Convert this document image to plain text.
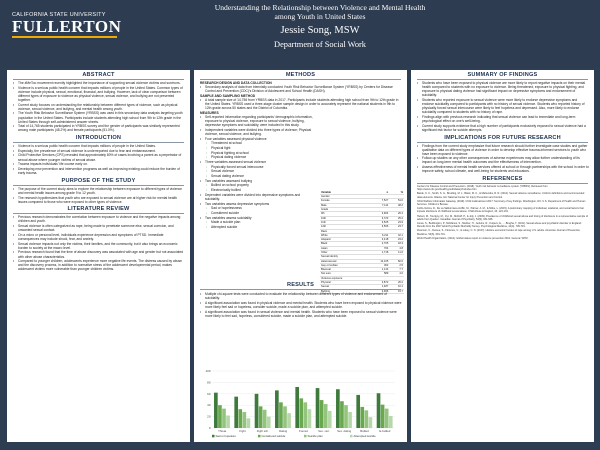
CALIFORNIA STATE UNIVERSITY
FULLERTON
Understanding the Relationship between Violence and Mental Health
among Youth in United States
Jessie Song, MSW
Department of Social Work
ABSTRACT
• The #MeToo movement recently highlighted the importance of supporting sexual violence victims and survivors.
• Violence is a serious public health concern that impacts millions of people in the United States. Common types of violence include physical, sexual, emotional, financial, and bullying. However, lack of clear comparison between different types of exposure to violence as physical violence, sexual violence, and bullying are not presented together.
• Current study focuses on understanding the relationship between different types of violence, such as physical violence, sexual violence, and bullying, and mental health among youth.
• The Youth Risk Behavior Surveillance System (YRBSS) was used in this secondary data analysis targeting youth population in the United States. Participants include students attending high school from 9th to 12th grade in the United States through self-administered answer sheets.
• Total of 14,765 students participated in YRBSS survey and the gender of participants was similarly represented among male participants (48.2%) and female participants (51.0%).
INTRODUCTION
• Violence is a serious public health concern that impacts millions of people in the United States.
• Especially, the prevalence of sexual violence is underreported due to fear and embarrassment.
• Child Protective Services (CPS) revealed that approximately 80% of cases involving a parent as a perpetrator of sexual abuse where younger victims of sexual abuse.
• Trauma impacts individuals' life course early on.
• Developing new prevention and intervention programs as well as improving existing could reduce the burden of early trauma.
PURPOSE OF THE STUDY
• The purpose of the current study aims to explore the relationship between exposure to different types of violence and mental health issues among grade 9 to 12 youth.
• The research hypothesizes that youth who are exposed to sexual violence are at higher risk for mental health issues compared to those who were exposed to other types of violence.
LITERATURE REVIEW
• Previous research demonstrates the correlation between exposure to violence and the negative impacts among children and youth.
• Sexual violence is often categorized as rape, being made to penetrate someone else, sexual coercion, and unwanted sexual contact.
• On a micro or personal level, individuals experience depression and symptoms of PTSD. Immediate consequences may include shock, fear, and anxiety.
• Sexual violence impacts not only the victims, their families, and the community, but it also brings an economic burden to society at the macro level.
• Previous research found that the time of abuse discovery was associated with age and gender but not associated with other abuse characteristics.
• Compared to younger children, adolescents experience more negative life events. The distress caused by abuse and the discovery process, in addition to normative stress of the adolescent developmental period, makes adolescent victims more vulnerable than younger children victims.
METHODS
RESEARCH DESIGN AND DATA COLLECTION
• Secondary analysis of data from biennially conducted Youth Risk Behavior Surveillance System (YRBSS) by Centers for Disease Control and Prevention (CDC)'s Division of Adolescent and School Health (DASH).
SAMPLE AND SAMPLING METHOD
• A total sample size of 14,756 from YRBSS data in 2017. Participants include students attending high school from 9th to 12th grade in the United States. YRBSS used a three-stage cluster sample design in order to accurately represent the national students in 9th to 12th grade across 50 states and the District of Columbia.
MEASURES
• Self-reported information regarding participants' demographic information, exposure to physical violence, exposure to sexual violence, bullying, depressive symptoms and suicidality, were included in this study.
• Independent variables were divided into three types of violence; Physical violence, sexual violence, and bullying.
• Four variables assessed physical violence
◦ Threatened at school
◦ Physical fight
◦ Physical fighting at school
◦ Physical dating violence
• Three variables assessed sexual violence
◦ Physically forced sexual intercourse
◦ Sexual violence
◦ Sexual dating violence
• Two variables assessed bullying
◦ Bullied on school property
◦ Electronically bullied
• Dependent variables were divided into depressive symptoms and suicidality.
• Two variables assess depressive symptoms
◦ Sad or hopelessness
◦ Considered suicide
• Two variables assess suicidality
◦ Made a suicide plan
◦ Attempted suicide
Variable	n	%
Gender		
Female	7,527	51.0
Male	7,114	48.2
Grade		
9th	3,904	26.4
10th	3,723	25.2
11th	3,525	23.9
12th	3,506	23.7
Race		
White	6,211	42.1
Hispanic	3,418	23.2
Black	2,705	18.3
Asian	704	4.8
Other	1,718	11.6
Sexual identity		
Heterosexual	12,105	82.0
Gay or lesbian	362	2.5
Bisexual	1,143	7.7
Not sure	589	4.0
Violence exposure		
Physical	3,872	26.2
Sexual	1,487	10.1
Bullying	2,906	19.7
RESULTS
• Multiple chi-square tests were conducted to evaluate the relationship between different types of violence and endorsement of suicidality.
• A significant association was found in physical violence and mental health. Students who have been exposed to physical violence were more likely feel sad or hopeless, consider suicide, made a suicide plan, and attempted suicide.
• A significant association was found in sexual violence and mental health. Students who have been exposed to sexual violence were more likely to feel sad, hopeless, considered suicide, made a suicide plan, and attempted suicide.
0
20
40
60
80
100
Threat	Fight	Fight sch.	Dating	Forced	Sex. viol.	Sex. dating	Bullied	E-bullied
Sad or hopeless	Considered suicide	Suicide plan	Attempted suicide
SUMMARY OF FINDINGS
• Students who have been exposed to physical violence are more likely to report negative impacts on their mental health compared to students with no exposure to violence. Being threatened, exposure to physical fighting, and exposure to physical dating violence had significant impact on depressive symptoms and endorsement of suicidality.
• Students who reported exposure to sexual violence were more likely to endorse depressive symptoms and endorse suicidality compared to participants with no history of sexual violence. Students who reported history of physically forced sexual intercourse were likely to feel hopeless and depressed. Also, more likely to endorse suicidality compared to students with no history of rape.
• Findings align with previous research indicating that sexual violence can lead to immediate and long-term psychological effect on one's well-being.
• Current study supports evidence that a high number of participants exclusively exposed to sexual violence had a significant risk factor for suicide attempts.
IMPLICATIONS FOR FUTURE RESEARCH
• Findings from the current study emphasize that future research should further investigate case studies and gather qualitative data on different types of violence in order to develop effective trauma-informed services to youth who have been exposed to violence.
• Follow-up studies on any other consequences of adverse experiences may allow further understanding of its impact on long-term mental health outcomes and the effectiveness of intervention.
• Assess effectiveness of mental health services offered at school or through partnerships with the school in order to improve safety, school climate, and well-being for students and educators.
REFERENCES
Centers for Disease Control and Prevention. (2018). Youth risk behavior surveillance system (YRBSS). Retrieved from https://www.cdc.gov/healthyyouth/data/yrbs/index.htm
Basile, K. C., Smith, S. G., Breiding, M. J., Black, M. C., & Mahendra, R. R. (2014). Sexual violence surveillance: Uniform definitions and recommended data elements. Atlanta, GA: National Center for Injury Prevention and Control.
Child Welfare Information Gateway. (2019). Child maltreatment 2017: Summary of key findings. Washington, DC: U.S. Department of Health and Human Services, Children's Bureau.
Collin-Vezina, D., De La Sablonniere-Griffin, M., Palmer, A. M., & Milne, L. (2015). A preliminary mapping of individual, relational, and social factors that impede disclosure of childhood sexual abuse. Child Abuse & Neglect, 43, 123-134.
Hebert, M., Tourigny, M., Cyr, M., McDuff, P., & Joly, J. (2009). Prevalence of childhood sexual abuse and timing of disclosure in a representative sample of adults from Quebec. Canadian Journal of Psychiatry, 54(9), 631-636.
Jonas, S., Bebbington, P., McManus, S., Meltzer, H., Jenkins, R., Kuipers, E., ... Brugha, T. (2011). Sexual abuse and psychiatric disorder in England: Results from the 2007 Adult Psychiatric Morbidity Survey. Psychological Medicine, 41(4), 709-719.
Peterson, C., DeGue, S., Florence, C., & Lokey, C. N. (2017). Lifetime economic burden of rape among U.S. adults. American Journal of Preventive Medicine, 52(6), 691-701.
World Health Organization. (2014). Global status report on violence prevention 2014. Geneva: WHO.
